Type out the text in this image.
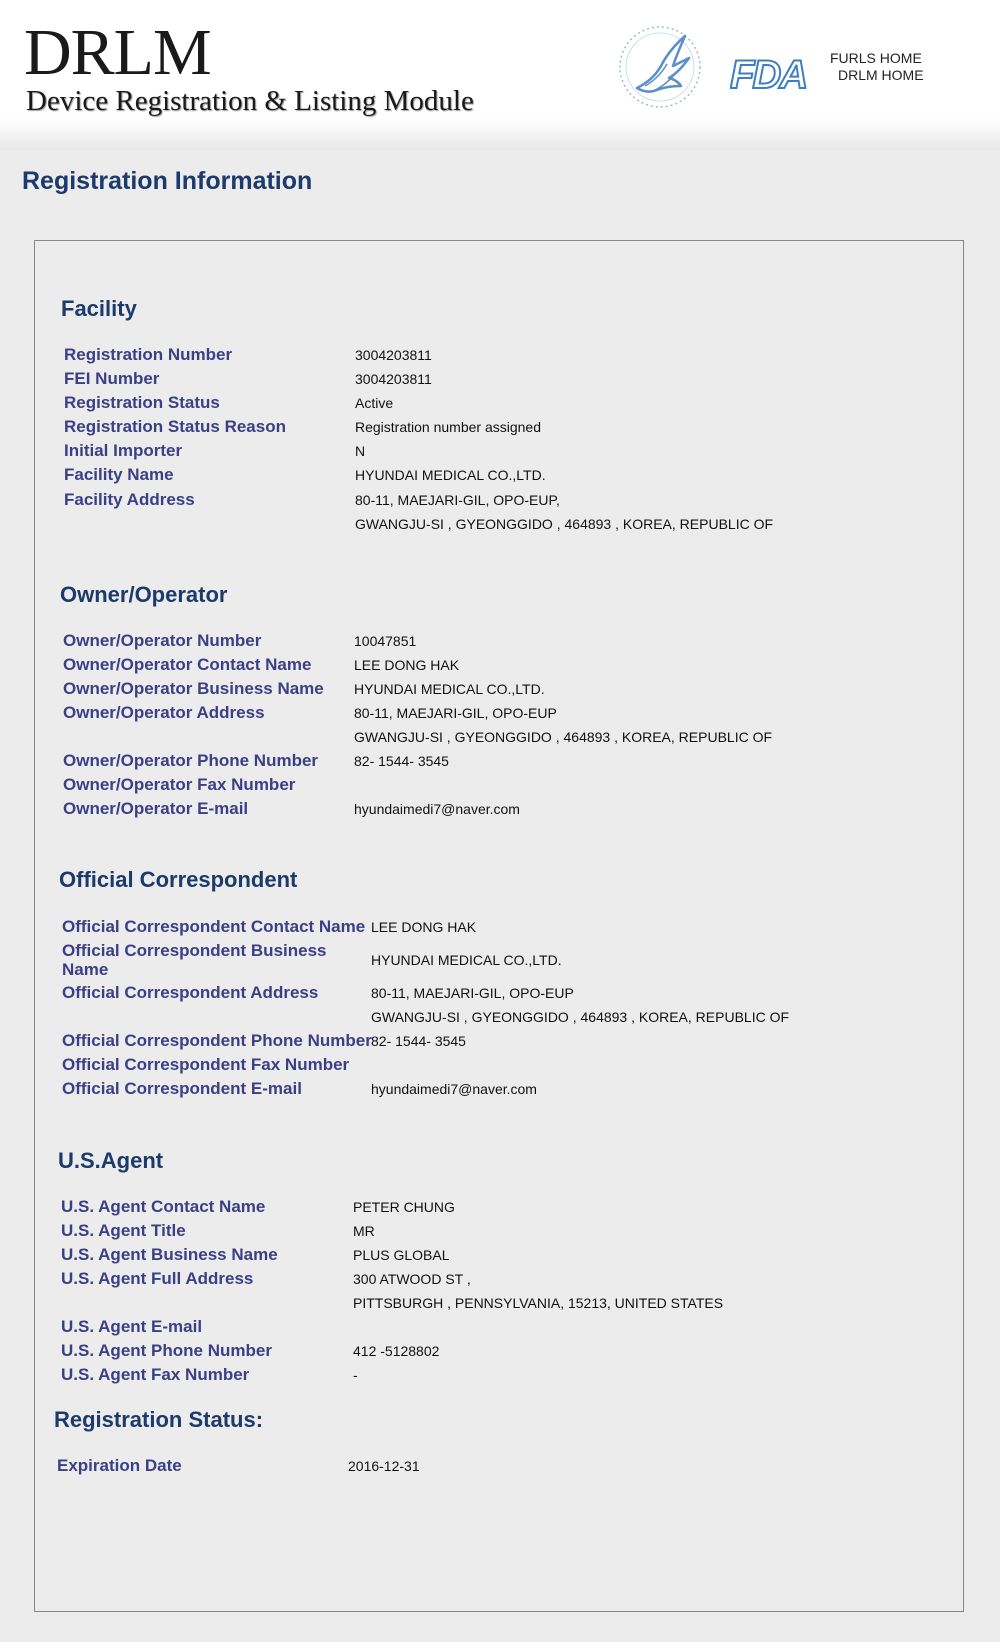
DRLM
Device Registration & Listing Module
FDA FURLS HOME
DRLM HOME
Registration Information
Facility
Registration Number	3004203811
FEI Number	3004203811
Registration Status	Active
Registration Status Reason	Registration number assigned
Initial Importer	N
Facility Name	HYUNDAI MEDICAL CO.,LTD.
Facility Address	80-11, MAEJARI-GIL, OPO-EUP,
GWANGJU-SI , GYEONGGIDO , 464893 , KOREA, REPUBLIC OF
Owner/Operator
Owner/Operator Number	10047851
Owner/Operator Contact Name	LEE DONG HAK
Owner/Operator Business Name HYUNDAI MEDICAL CO.,LTD.
Owner/Operator Address	80-11, MAEJARI-GIL, OPO-EUP
GWANGJU-SI , GYEONGGIDO , 464893 , KOREA, REPUBLIC OF
Owner/Operator Phone Number	82- 1544- 3545
Owner/Operator Fax Number
Owner/Operator E-mail	hyundaimedi7@naver.com
Official Correspondent
Official Correspondent Contact Name LEE DONG HAK
Official Correspondent Business
Name	HYUNDAI MEDICAL CO.,LTD.
Official Correspondent Address	80-11, MAEJARI-GIL, OPO-EUP
GWANGJU-SI , GYEONGGIDO , 464893 , KOREA, REPUBLIC OF
Official Correspondent Phone Number 82- 1544- 3545
Official Correspondent Fax Number
Official Correspondent E-mail	hyundaimedi7@naver.com
U.S.Agent
U.S. Agent Contact Name	PETER CHUNG
U.S. Agent Title	MR
U.S. Agent Business Name	PLUS GLOBAL
U.S. Agent Full Address	300 ATWOOD ST ,
PITTSBURGH , PENNSYLVANIA, 15213, UNITED STATES
U.S. Agent E-mail
U.S. Agent Phone Number	412 -5128802
U.S. Agent Fax Number	-
Registration Status:
Expiration Date	2016-12-31
